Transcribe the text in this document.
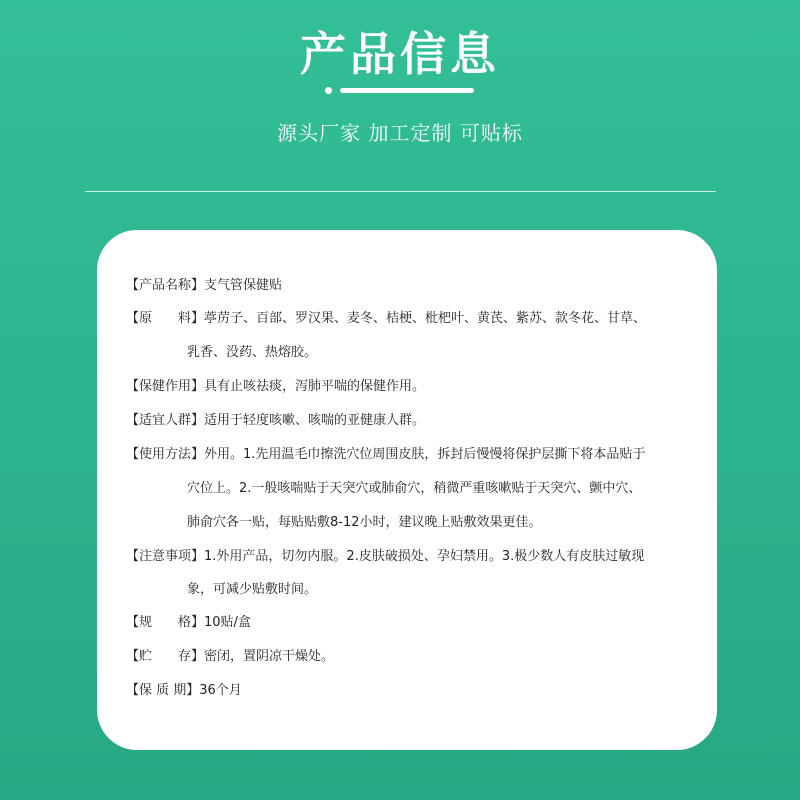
产品信息
源头厂家 加工定制 可贴标
【产品名称】 支气管保健贴
【原　　料】 葶苈子、百部、罗汉果、麦冬、桔梗、枇杷叶、黄芪、紫苏、款冬花、甘草、
乳香、没药、热熔胶。
【保健作用】 具有止咳祛痰，泻肺平喘的保健作用。
【适宜人群】 适用于轻度咳嗽、咳喘的亚健康人群。
【使用方法】 外用。1.先用温毛巾擦洗穴位周围皮肤，拆封后慢慢将保护层撕下将本品贴于
穴位上。2.一般咳喘贴于天突穴或肺俞穴，稍微严重咳嗽贴于天突穴、颤中穴、
肺俞穴各一贴，每贴贴敷8-12小时，建议晚上贴敷效果更佳。
【注意事项】 1.外用产品，切勿内服。2.皮肤破损处、孕妇禁用。3.极少数人有皮肤过敏现
象，可减少贴敷时间。
【规　　格】 10贴/盒
【贮　　存】 密闭，置阴凉干燥处。
【保 质 期】 36个月
